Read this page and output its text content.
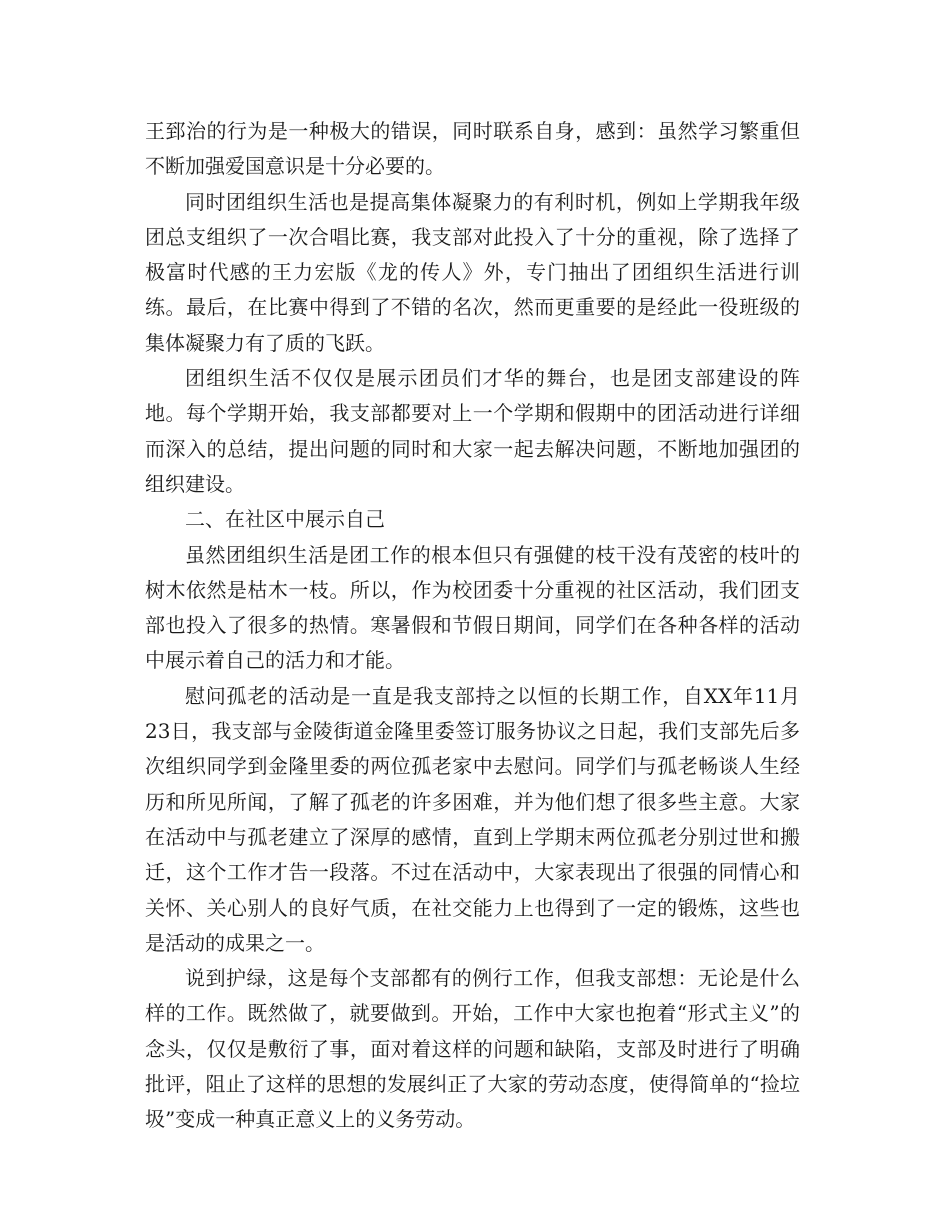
王郅治的行为是一种极大的错误，同时联系自身，感到：虽然学习繁重但不断加强爱国意识是十分必要的。

同时团组织生活也是提高集体凝聚力的有利时机，例如上学期我年级团总支组织了一次合唱比赛，我支部对此投入了十分的重视，除了选择了极富时代感的王力宏版《龙的传人》外，专门抽出了团组织生活进行训练。最后，在比赛中得到了不错的名次，然而更重要的是经此一役班级的集体凝聚力有了质的飞跃。

团组织生活不仅仅是展示团员们才华的舞台，也是团支部建设的阵地。每个学期开始，我支部都要对上一个学期和假期中的团活动进行详细而深入的总结，提出问题的同时和大家一起去解决问题，不断地加强团的组织建设。

二、在社区中展示自己

虽然团组织生活是团工作的根本但只有强健的枝干没有茂密的枝叶的树木依然是枯木一枝。所以，作为校团委十分重视的社区活动，我们团支部也投入了很多的热情。寒暑假和节假日期间，同学们在各种各样的活动中展示着自己的活力和才能。

慰问孤老的活动是一直是我支部持之以恒的长期工作，自XX年11月23日，我支部与金陵街道金隆里委签订服务协议之日起，我们支部先后多次组织同学到金隆里委的两位孤老家中去慰问。同学们与孤老畅谈人生经历和所见所闻，了解了孤老的许多困难，并为他们想了很多些主意。大家在活动中与孤老建立了深厚的感情，直到上学期末两位孤老分别过世和搬迁，这个工作才告一段落。不过在活动中，大家表现出了很强的同情心和关怀、关心别人的良好气质，在社交能力上也得到了一定的锻炼，这些也是活动的成果之一。

说到护绿，这是每个支部都有的例行工作，但我支部想：无论是什么样的工作。既然做了，就要做到。开始，工作中大家也抱着“形式主义”的念头，仅仅是敷衍了事，面对着这样的问题和缺陷，支部及时进行了明确批评，阻止了这样的思想的发展纠正了大家的劳动态度，使得简单的“捡垃圾”变成一种真正意义上的义务劳动。
